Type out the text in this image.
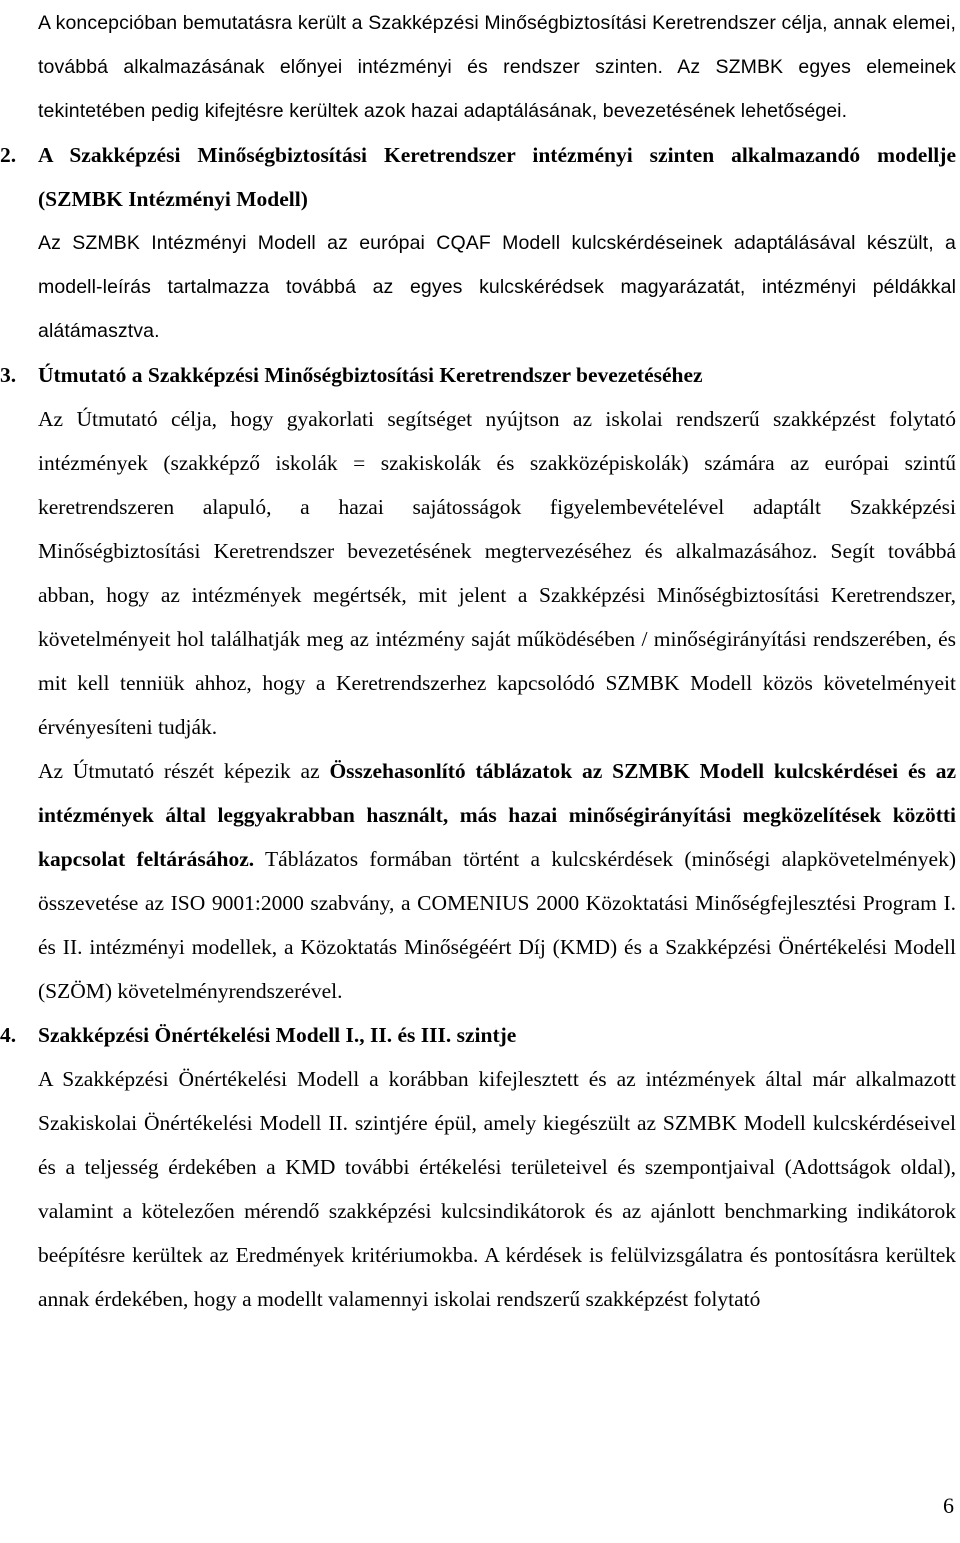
A koncepcióban bemutatásra került a Szakképzési Minőségbiztosítási Keretrendszer célja, annak elemei, továbbá alkalmazásának előnyei intézményi és rendszer szinten. Az SZMBK egyes elemeinek tekintetében pedig kifejtésre kerültek azok hazai adaptálásának, bevezetésének lehetőségei.

2. A Szakképzési Minőségbiztosítási Keretrendszer intézményi szinten alkalmazandó modellje (SZMBK Intézményi Modell)

Az SZMBK Intézményi Modell az európai CQAF Modell kulcskérdéseinek adaptálásával készült, a modell-leírás tartalmazza továbbá az egyes kulcskérédsek magyarázatát, intézményi példákkal alátámasztva.

3. Útmutató a Szakképzési Minőségbiztosítási Keretrendszer bevezetéséhez

Az Útmutató célja, hogy gyakorlati segítséget nyújtson az iskolai rendszerű szakképzést folytató intézmények (szakképző iskolák = szakiskolák és szakközépiskolák) számára az európai szintű keretrendszeren alapuló, a hazai sajátosságok figyelembevételével adaptált Szakképzési Minőségbiztosítási Keretrendszer bevezetésének megtervezéséhez és alkalmazásához. Segít továbbá abban, hogy az intézmények megértsék, mit jelent a Szakképzési Minőségbiztosítási Keretrendszer, követelményeit hol találhatják meg az intézmény saját működésében / minőségirányítási rendszerében, és mit kell tenniük ahhoz, hogy a Keretrendszerhez kapcsolódó SZMBK Modell közös követelményeit érvényesíteni tudják.

Az Útmutató részét képezik az Összehasonlító táblázatok az SZMBK Modell kulcskérdései és az intézmények által leggyakrabban használt, más hazai minőségirányítási megközelítések közötti kapcsolat feltárásához. Táblázatos formában történt a kulcskérdések (minőségi alapkövetelmények) összevetése az ISO 9001:2000 szabvány, a COMENIUS 2000 Közoktatási Minőségfejlesztési Program I. és II. intézményi modellek, a Közoktatás Minőségéért Díj (KMD) és a Szakképzési Önértékelési Modell (SZÖM) követelményrendszerével.

4. Szakképzési Önértékelési Modell I., II. és III. szintje

A Szakképzési Önértékelési Modell a korábban kifejlesztett és az intézmények által már alkalmazott Szakiskolai Önértékelési Modell II. szintjére épül, amely kiegészült az SZMBK Modell kulcskérdéseivel és a teljesség érdekében a KMD további értékelési területeivel és szempontjaival (Adottságok oldal), valamint a kötelezően mérendő szakképzési kulcsindikátorok és az ajánlott benchmarking indikátorok beépítésre kerültek az Eredmények kritériumokba. A kérdések is felülvizsgálatra és pontosításra kerültek annak érdekében, hogy a modellt valamennyi iskolai rendszerű szakképzést folytató

6
